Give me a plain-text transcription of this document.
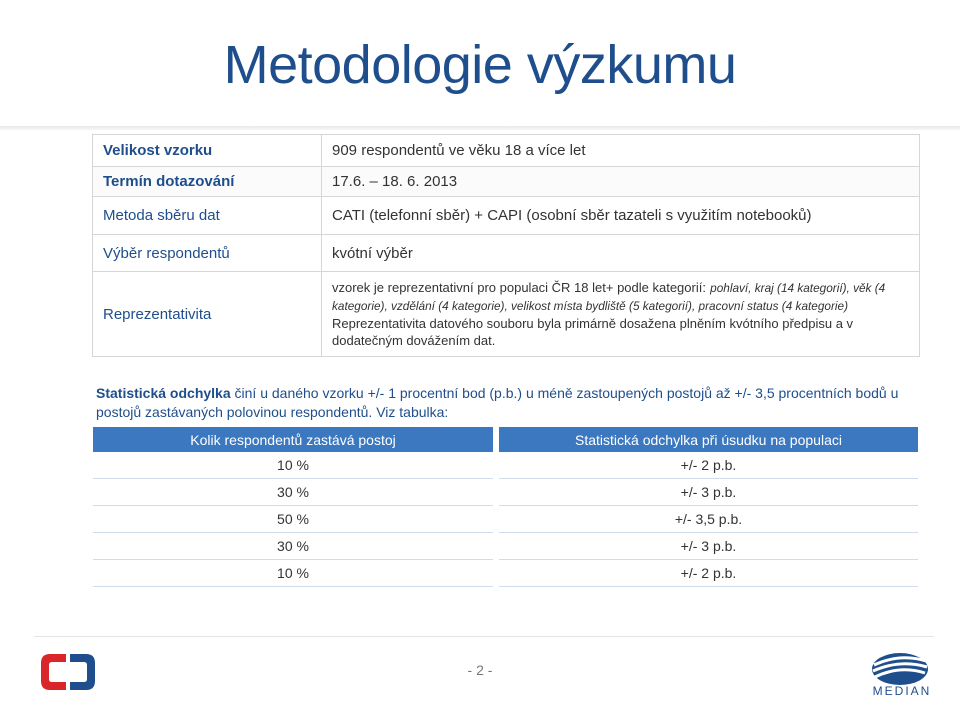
Metodologie výzkumu
Velikost vzorku	909 respondentů ve věku 18 a více let
Termín dotazování	17.6. – 18. 6. 2013
Metoda sběru dat	CATI (telefonní sběr) + CAPI (osobní sběr tazateli s využitím notebooků)
Výběr respondentů	kvótní výběr
Reprezentativita	vzorek je reprezentativní pro populaci ČR 18 let+ podle kategorií: pohlaví, kraj (14 kategorií), věk (4 kategorie), vzdělání (4 kategorie), velikost místa bydliště (5 kategorií), pracovní status (4 kategorie)
Reprezentativita datového souboru byla primárně dosažena plněním kvótního předpisu a v dodatečným dovážením dat.
Statistická odchylka činí u daného vzorku +/- 1 procentní bod (p.b.) u méně zastoupených postojů až +/- 3,5 procentních bodů u postojů zastávaných polovinou respondentů. Viz tabulka:
Kolik respondentů zastává postoj		Statistická odchylka při úsudku na populaci
10 %		+/- 2 p.b.
30 %		+/- 3 p.b.
50 %		+/- 3,5 p.b.
30 %		+/- 3 p.b.
10 %		+/- 2 p.b.
- 2 -
MEDIAN
